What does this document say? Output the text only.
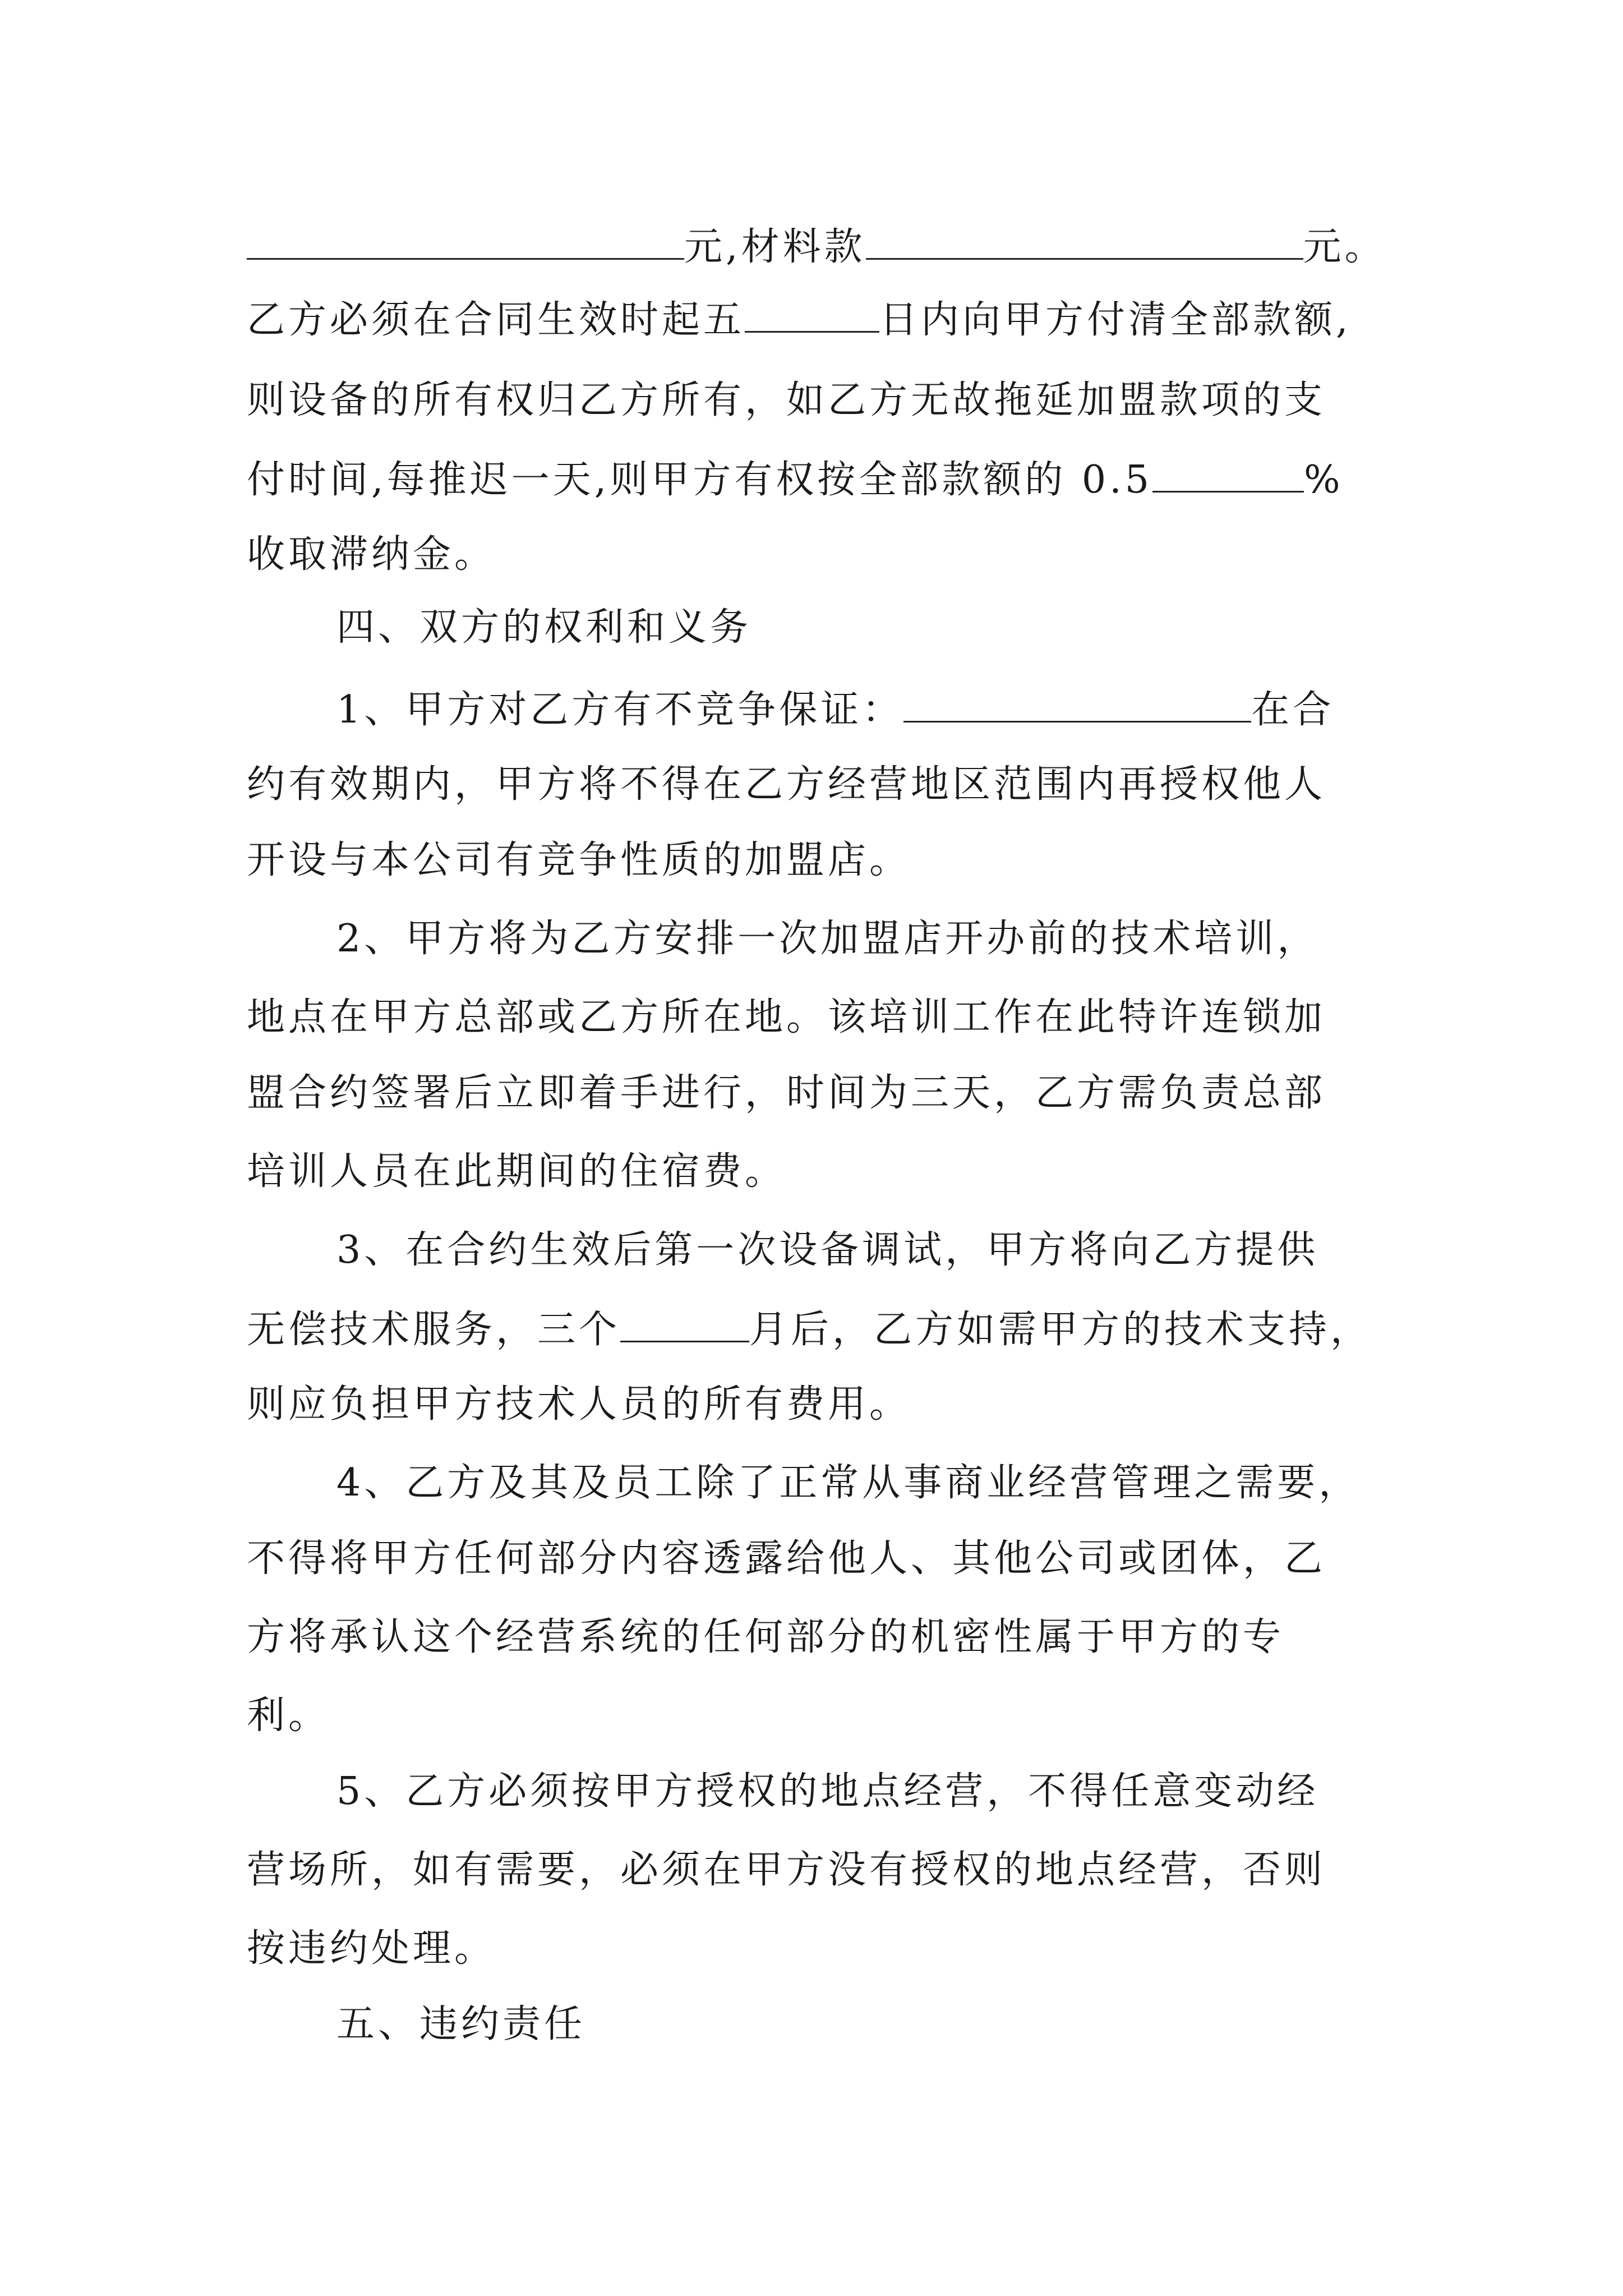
元,材料款	元。
乙方必须在合同生效时起五	日内向甲方付清全部款额,
则设备的所有权归乙方所有，如乙方无故拖延加盟款项的支
付时间,每推迟一天,则甲方有权按全部款额的 0.5	%
收取滞纳金。
四、双方的权利和义务
1、甲方对乙方有不竞争保证：	在合
约有效期内，甲方将不得在乙方经营地区范围内再授权他人
开设与本公司有竞争性质的加盟店。
2、甲方将为乙方安排一次加盟店开办前的技术培训，
地点在甲方总部或乙方所在地。该培训工作在此特许连锁加
盟合约签署后立即着手进行，时间为三天，乙方需负责总部
培训人员在此期间的住宿费。
3、在合约生效后第一次设备调试，甲方将向乙方提供
无偿技术服务，三个	月后，乙方如需甲方的技术支持，
则应负担甲方技术人员的所有费用。
4、乙方及其及员工除了正常从事商业经营管理之需要，
不得将甲方任何部分内容透露给他人、其他公司或团体，乙
方将承认这个经营系统的任何部分的机密性属于甲方的专
利。
5、乙方必须按甲方授权的地点经营，不得任意变动经
营场所，如有需要，必须在甲方没有授权的地点经营，否则
按违约处理。
五、违约责任
